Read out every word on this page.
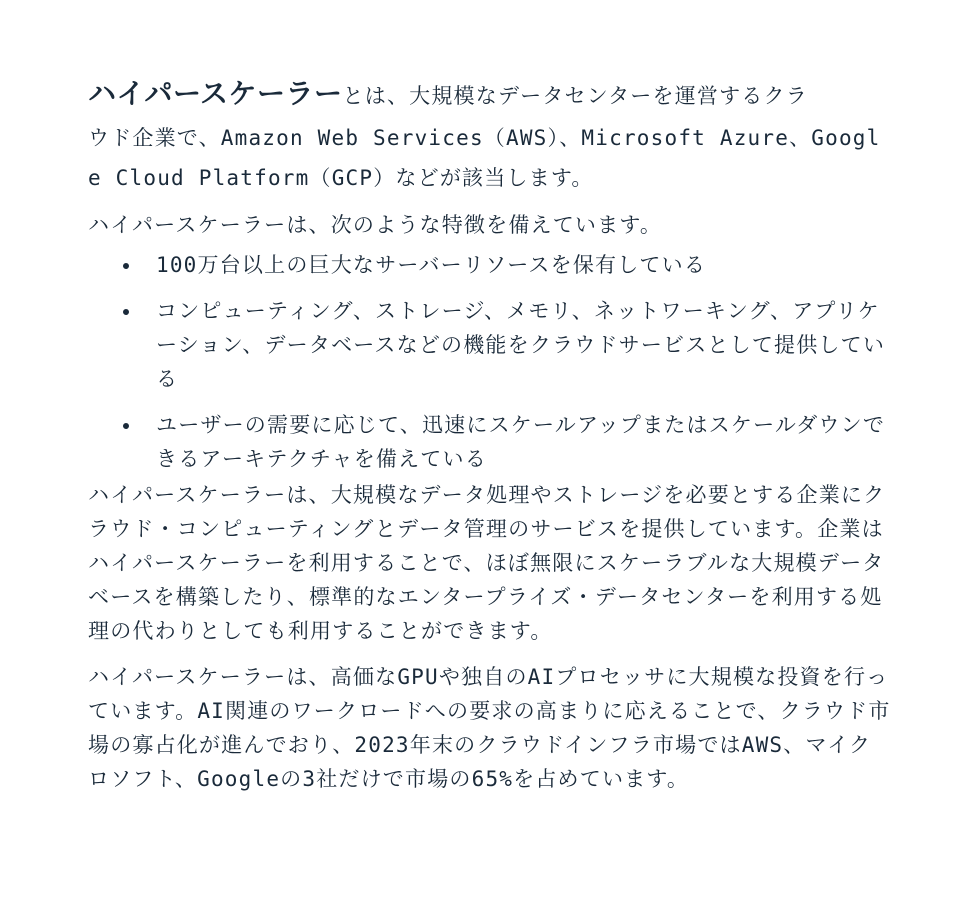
ハイパースケーラーとは、大規模なデータセンターを運営するクラ
ウド企業で、Amazon Web Services（AWS）、Microsoft Azure、Google Cloud Platform（GCP）などが該当します。

ハイパースケーラーは、次のような特徴を備えています。

100万台以上の巨大なサーバーリソースを保有している
コンピューティング、ストレージ、メモリ、ネットワーキング、アプリケーション、データベースなどの機能をクラウドサービスとして提供している
ユーザーの需要に応じて、迅速にスケールアップまたはスケールダウンできるアーキテクチャを備えている

ハイパースケーラーは、大規模なデータ処理やストレージを必要とする企業にクラウド・コンピューティングとデータ管理のサービスを提供しています。企業はハイパースケーラーを利用することで、ほぼ無限にスケーラブルな大規模データベースを構築したり、標準的なエンタープライズ・データセンターを利用する処理の代わりとしても利用することができます。

ハイパースケーラーは、高価なGPUや独自のAIプロセッサに大規模な投資を行っています。AI関連のワークロードへの要求の高まりに応えることで、クラウド市場の寡占化が進んでおり、2023年末のクラウドインフラ市場ではAWS、マイクロソフト、Googleの3社だけで市場の65%を占めています。
